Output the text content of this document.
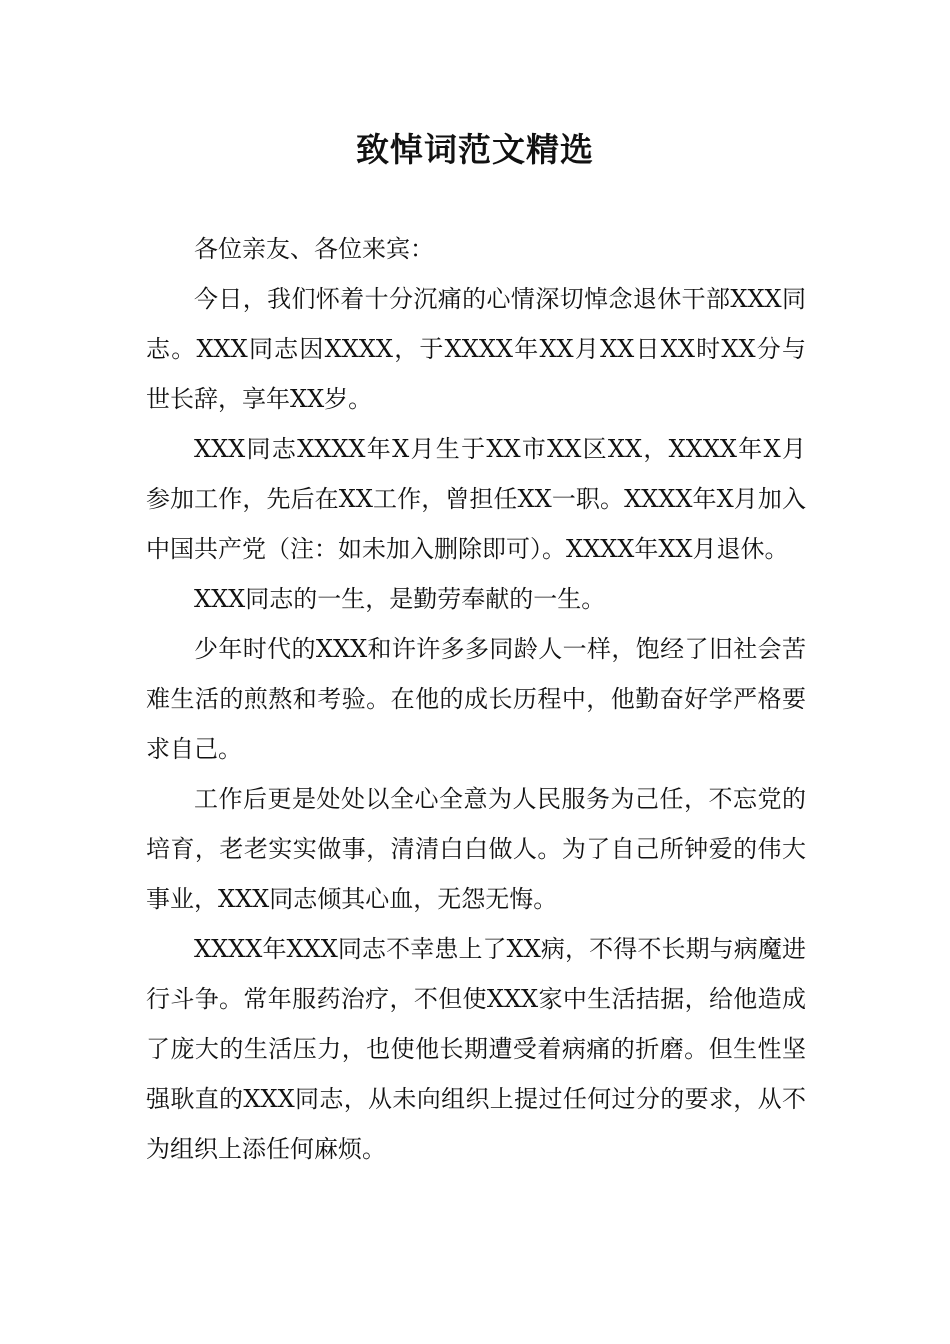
致悼词范文精选

各位亲友、各位来宾：

今日，我们怀着十分沉痛的心情深切悼念退休干部XXX同志。XXX同志因XXXX，于XXXX年XX月XX日XX时XX分与世长辞，享年XX岁。

XXX同志XXXX年X月生于XX市XX区XX，XXXX年X月参加工作，先后在XX工作，曾担任XX一职。XXXX年X月加入中国共产党（注：如未加入删除即可）。XXXX年XX月退休。

XXX同志的一生，是勤劳奉献的一生。

少年时代的XXX和许许多多同龄人一样，饱经了旧社会苦难生活的煎熬和考验。在他的成长历程中，他勤奋好学严格要求自己。

工作后更是处处以全心全意为人民服务为己任，不忘党的培育，老老实实做事，清清白白做人。为了自己所钟爱的伟大事业，XXX同志倾其心血，无怨无悔。

XXXX年XXX同志不幸患上了XX病，不得不长期与病魔进行斗争。常年服药治疗，不但使XXX家中生活拮据，给他造成了庞大的生活压力，也使他长期遭受着病痛的折磨。但生性坚强耿直的XXX同志，从未向组织上提过任何过分的要求，从不为组织上添任何麻烦。
